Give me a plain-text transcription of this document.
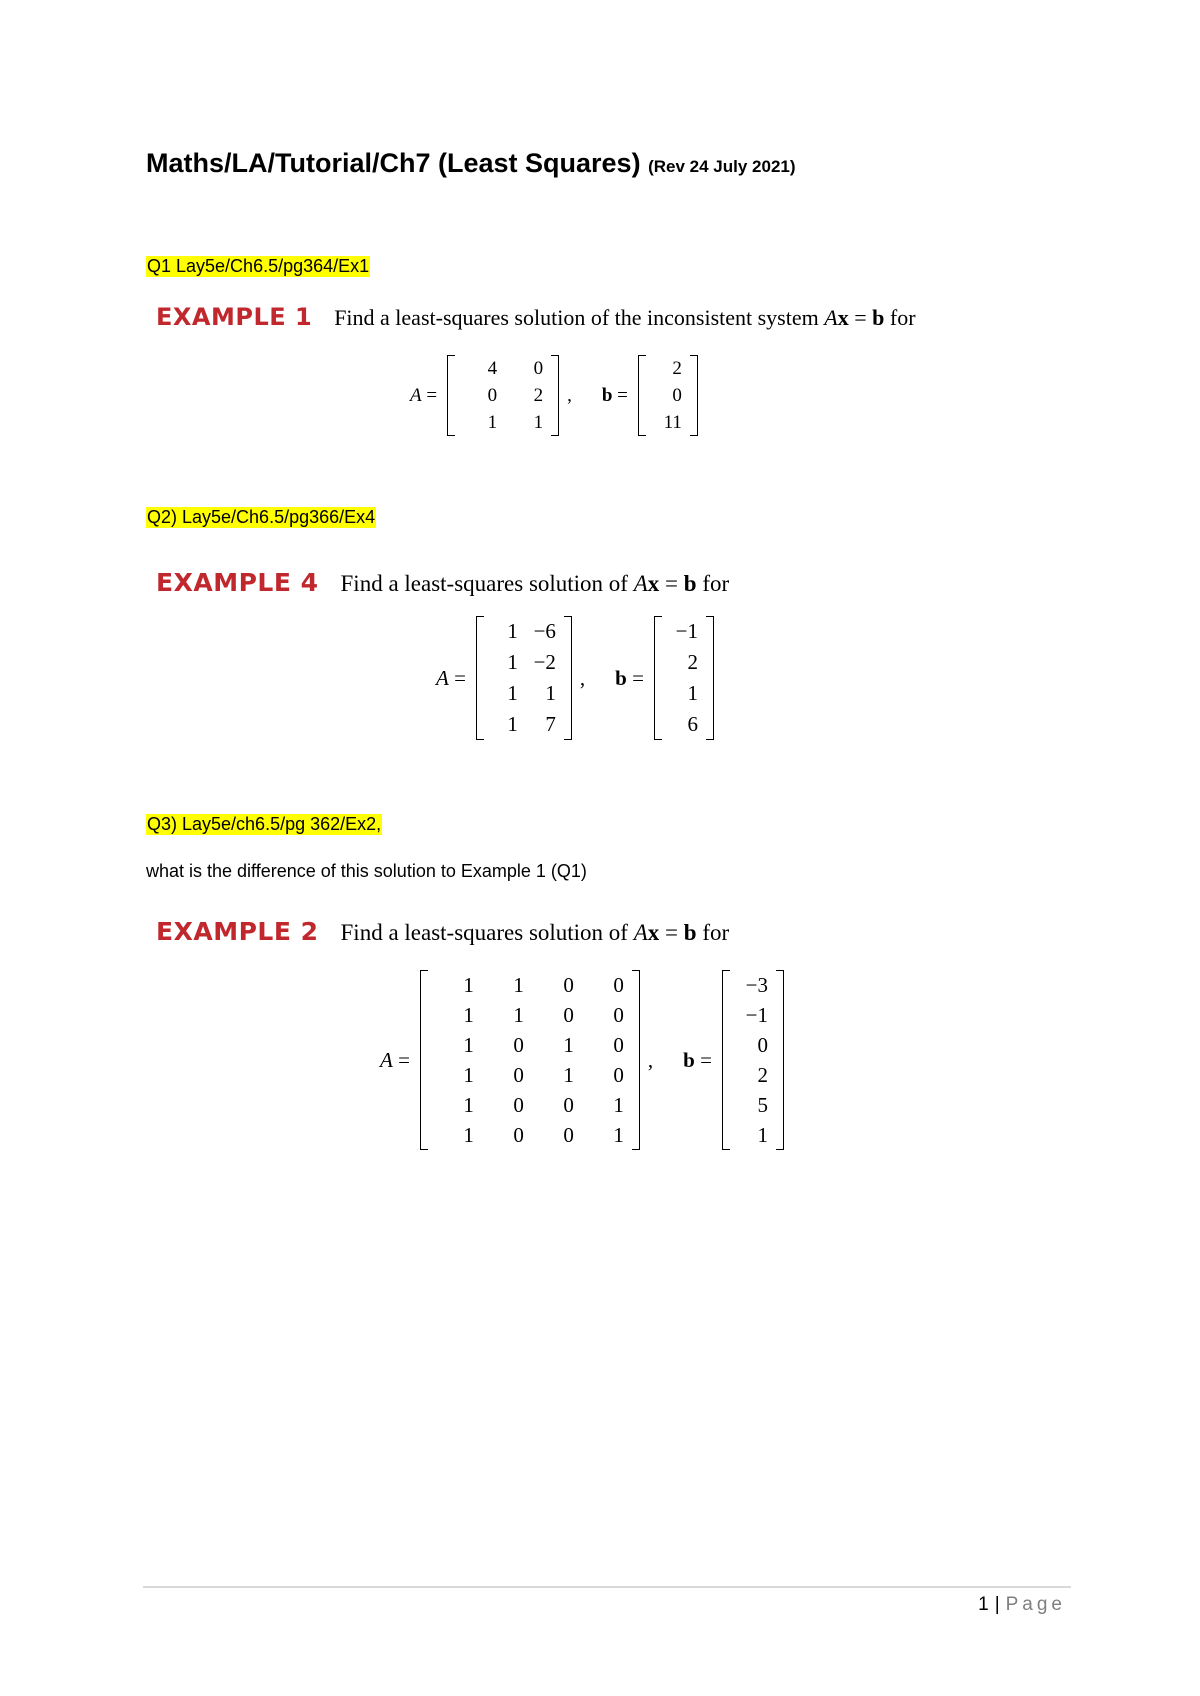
Maths/LA/Tutorial/Ch7 (Least Squares) (Rev 24 July 2021)
Q1 Lay5e/Ch6.5/pg364/Ex1
EXAMPLE 1 Find a least-squares solution of the inconsistent system Ax = b for
A =
4	0
0	2
1	1
, b =
2
0
11
Q2) Lay5e/Ch6.5/pg366/Ex4
EXAMPLE 4 Find a least-squares solution of Ax = b for
A =
1 −6
1 −2
1	1
1	7
, b =
−1
2
1
6
Q3) Lay5e/ch6.5/pg 362/Ex2,
what is the difference of this solution to Example 1 (Q1)
EXAMPLE 2 Find a least-squares solution of Ax = b for
A =
1	1	0	0
1	1	0	0
1	0	1	0
1	0	1	0
1	0	0	1
1	0	0	1
, b =
−3
−1
0
2
5
1
1 | Page
